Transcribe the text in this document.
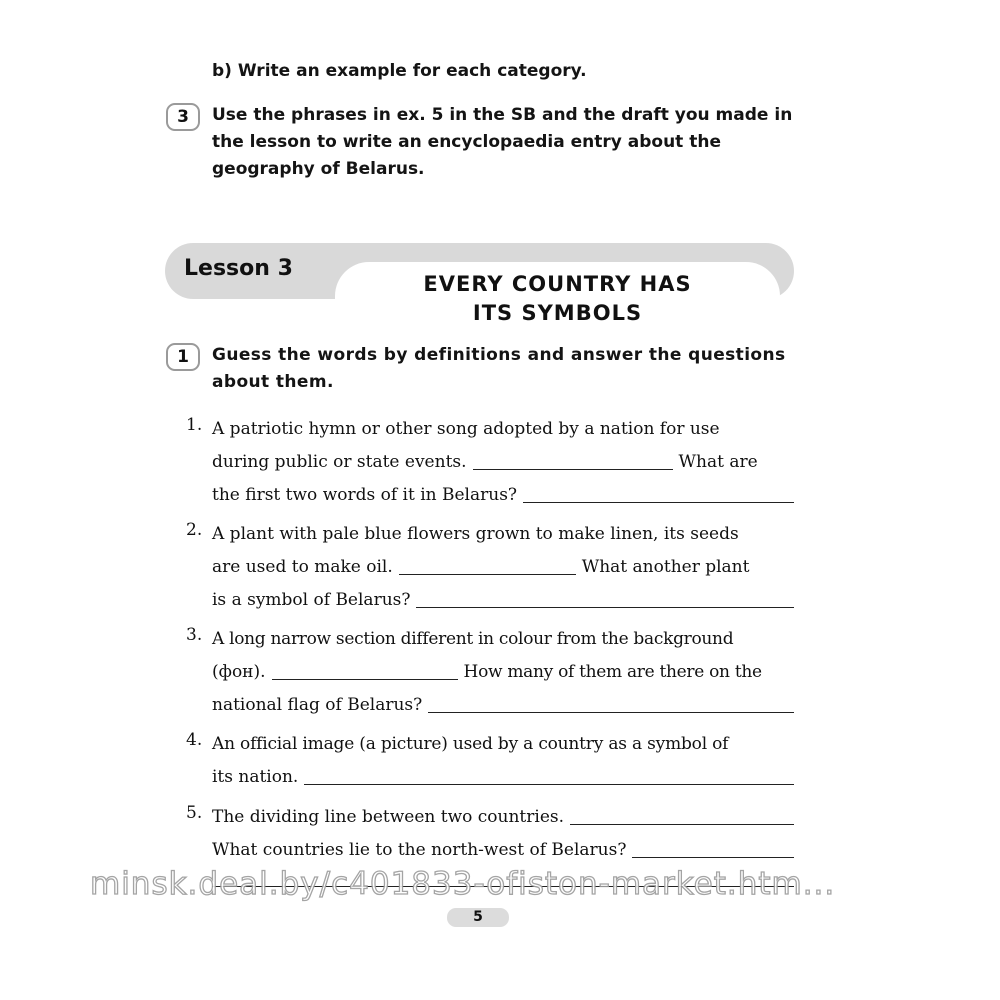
b) Write an example for each category.
3	Use the phrases in ex. 5 in the SB and the draft you made in the lesson to write an encyclopaedia entry about the geography of Belarus.
Lesson 3
EVERY COUNTRY HAS
ITS SYMBOLS
1	Guess the words by definitions and answer the questions about them.
1. A patriotic hymn or other song adopted by a nation for use
during public or state events.	What are
the first two words of it in Belarus?
2. A plant with pale blue flowers grown to make linen, its seeds
are used to make oil.	What another plant
is a symbol of Belarus?
3. A long narrow section different in colour from the background
(фон).	How many of them are there on the
national flag of Belarus?
4. An official image (a picture) used by a country as a symbol of
its nation.
5. The dividing line between two countries.
What countries lie to the north-west of Belarus?
minsk.deal.by/c401833-ofiston-market.htm...
5
